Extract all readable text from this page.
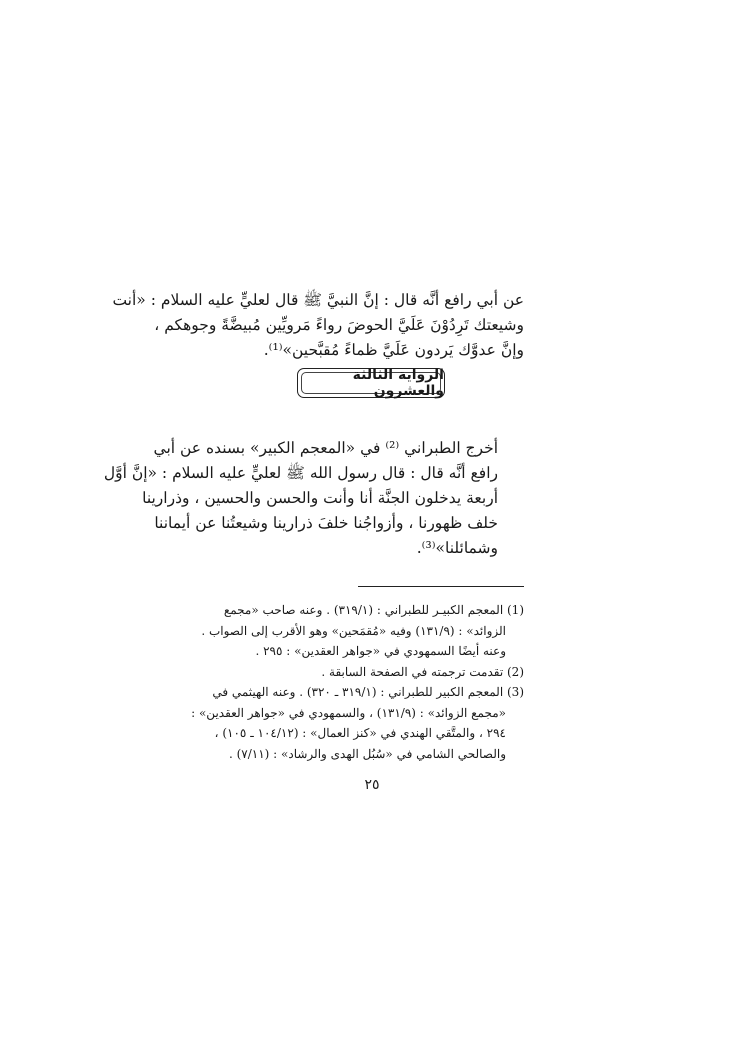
عن أبي رافع أنَّه قال : إنَّ النبيَّ ﷺ قال لعليٍّ عليه السلام : «أنت
وشيعتك تَرِدُوْنَ عَلَيَّ الحوضَ رواءً مَرويِّين مُبيضَّةً وجوهكم ،
وإنَّ عدوَّك يَردون عَلَيَّ ظماءً مُقبَّحين»⁽¹⁾.
الرواية الثالثة والعشرون
أخرج الطبراني ⁽²⁾ في «المعجم الكبير» بسنده عن أبي
رافع أنَّه قال : قال رسول الله ﷺ لعليٍّ عليه السلام : «إنَّ أوَّل
أربعة يدخلون الجنَّة أنا وأنت والحسن والحسين ، وذرارينا
خلف ظهورنا ، وأزواجُنا خلفَ ذرارينا وشيعتُنا عن أيماننا
وشمائلنا»⁽³⁾.
(1) المعجم الكبيـر للطبراني : (٣١٩/١) . وعنه صاحب «مجمع
الزوائد» : (١٣١/٩) وفيه «مُقمَحين» وهو الأقرب إلى الصواب .
وعنه أيضًا السمهودي في «جواهر العقدين» : ٢٩٥ .
(2) تقدمت ترجمته في الصفحة السابقة .
(3) المعجم الكبير للطبراني : (٣١٩/١ ـ ٣٢٠) . وعنه الهيثمي في
«مجمع الزوائد» : (١٣١/٩) ، والسمهودي في «جواهر العقدين» :
٢٩٤ ، والمتَّقي الهندي في «كنز العمال» : (١٠٤/١٢ ـ ١٠٥) ،
والصالحي الشامي في «سُبُل الهدى والرشاد» : (٧/١١) .
٢٥
